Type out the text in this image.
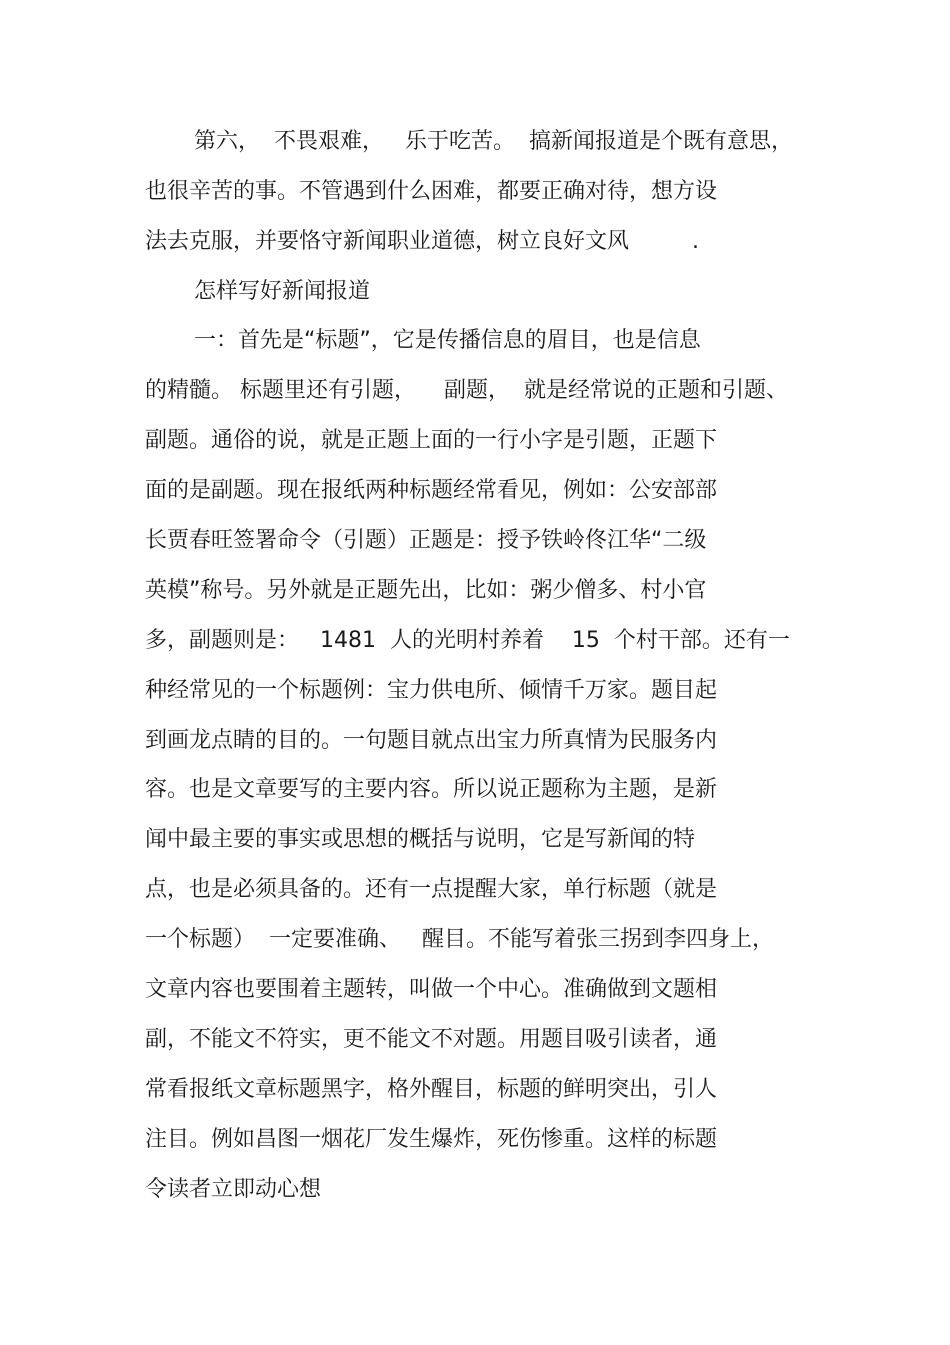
第六，  不畏艰难，   乐于吃苦。  搞新闻报道是个既有意思，
也很辛苦的事。不管遇到什么困难，都要正确对待，想方设
法去克服，并要恪守新闻职业道德，树立良好文风         .
怎样写好新闻报道
一：首先是“标题”，它是传播信息的眉目，也是信息
的精髓。 标题里还有引题，    副题，  就是经常说的正题和引题、
副题。通俗的说，就是正题上面的一行小字是引题，正题下
面的是副题。现在报纸两种标题经常看见，例如：公安部部
长贾春旺签署命令（引题）正题是：授予铁岭佟江华“二级
英模”称号。另外就是正题先出，比如：粥少僧多、村小官
多，副题则是：   1481  人的光明村养着    15  个村干部。还有一
种经常见的一个标题例：宝力供电所、倾情千万家。题目起
到画龙点睛的目的。一句题目就点出宝力所真情为民服务内
容。也是文章要写的主要内容。所以说正题称为主题，是新
闻中最主要的事实或思想的概括与说明，它是写新闻的特
点，也是必须具备的。还有一点提醒大家，单行标题（就是
一个标题）  一定要准确、   醒目。不能写着张三拐到李四身上，
文章内容也要围着主题转，叫做一个中心。准确做到文题相
副，不能文不符实，更不能文不对题。用题目吸引读者，通
常看报纸文章标题黑字，格外醒目，标题的鲜明突出，引人
注目。例如昌图一烟花厂发生爆炸，死伤惨重。这样的标题
令读者立即动心想
